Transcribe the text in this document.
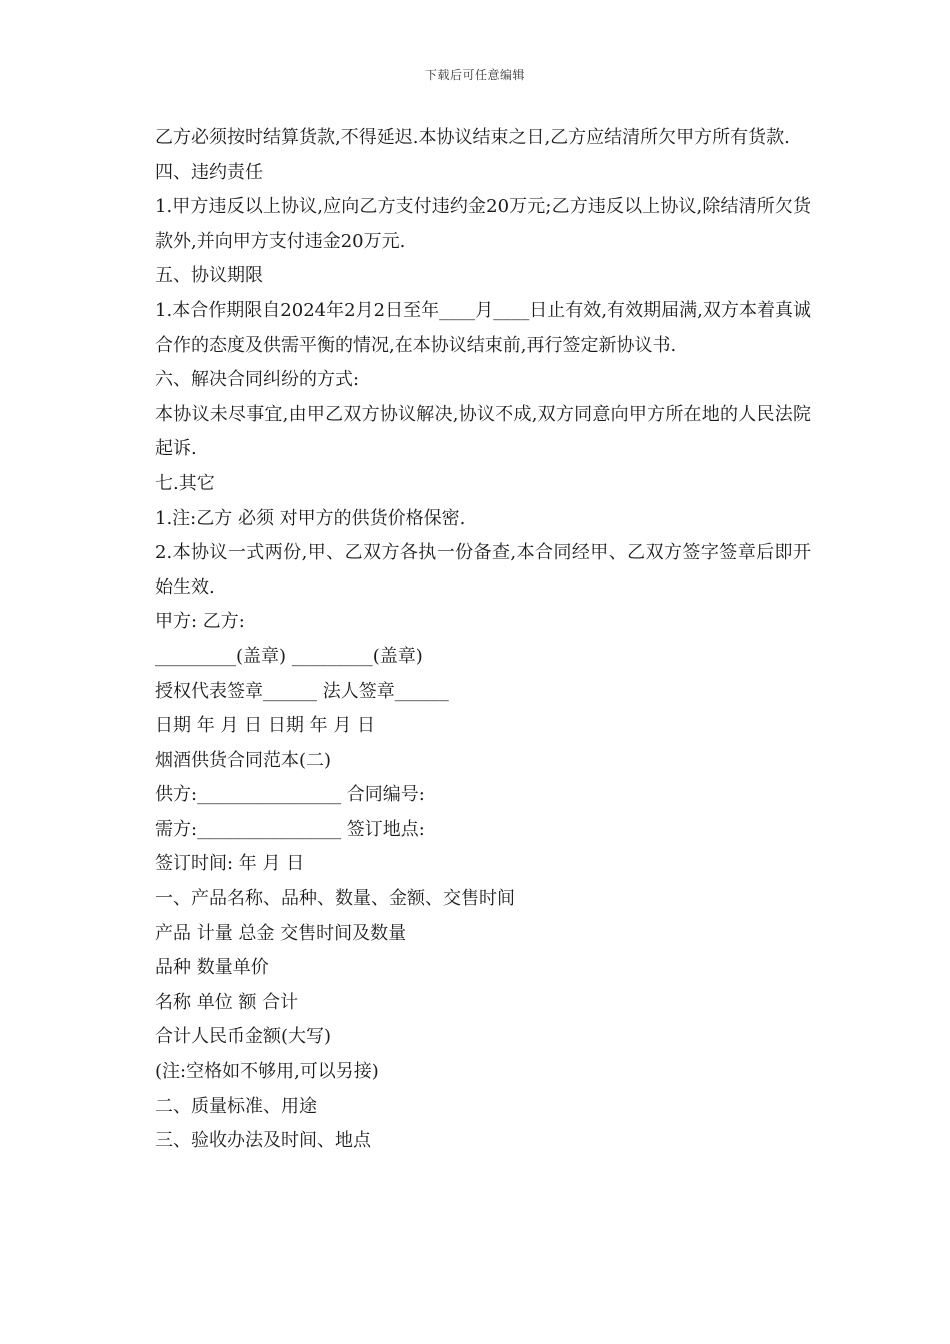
下载后可任意编辑

乙方必须按时结算货款,不得延迟.本协议结束之日,乙方应结清所欠甲方所有货款.

四、违约责任

1.甲方违反以上协议,应向乙方支付违约金20万元;乙方违反以上协议,除结清所欠货款外,并向甲方支付违金20万元.

五、协议期限

1.本合作期限自2024年2月2日至年____月____日止有效,有效期届满,双方本着真诚合作的态度及供需平衡的情况,在本协议结束前,再行签定新协议书.

六、解决合同纠纷的方式:

本协议未尽事宜,由甲乙双方协议解决,协议不成,双方同意向甲方所在地的人民法院起诉.

七.其它

1.注:乙方 必须 对甲方的供货价格保密.

2.本协议一式两份,甲、乙双方各执一份备查,本合同经甲、乙双方签字签章后即开始生效.

甲方: 乙方:

_________(盖章) _________(盖章)

授权代表签章______ 法人签章______

日期 年 月 日 日期 年 月 日

烟酒供货合同范本(二)

供方:________________ 合同编号:

需方:________________ 签订地点:

签订时间: 年 月 日

一、产品名称、品种、数量、金额、交售时间

产品 计量 总金 交售时间及数量

品种 数量单价

名称 单位 额 合计

合计人民币金额(大写)

(注:空格如不够用,可以另接)

二、质量标准、用途

三、验收办法及时间、地点
